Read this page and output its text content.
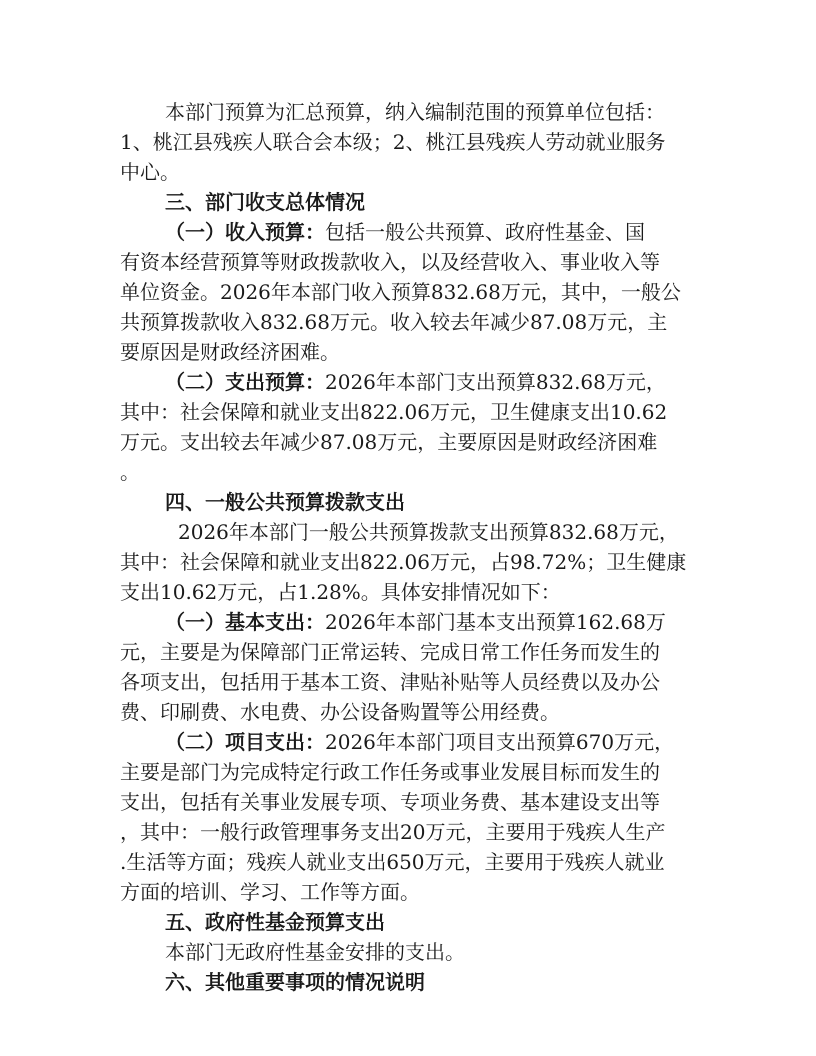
本部门预算为汇总预算，纳入编制范围的预算单位包括：
1、桃江县残疾人联合会本级；2、桃江县残疾人劳动就业服务
中心。
三、部门收支总体情况
（一）收入预算：包括一般公共预算、政府性基金、国
有资本经营预算等财政拨款收入，以及经营收入、事业收入等
单位资金。2026年本部门收入预算832.68万元，其中，一般公
共预算拨款收入832.68万元。收入较去年减少87.08万元，主
要原因是财政经济困难。
（二）支出预算：2026年本部门支出预算832.68万元，
其中：社会保障和就业支出822.06万元，卫生健康支出10.62
万元。支出较去年减少87.08万元，主要原因是财政经济困难
。
四、一般公共预算拨款支出
2026年本部门一般公共预算拨款支出预算832.68万元，
其中：社会保障和就业支出822.06万元，占98.72%；卫生健康
支出10.62万元，占1.28%。具体安排情况如下：
（一）基本支出：2026年本部门基本支出预算162.68万
元，主要是为保障部门正常运转、完成日常工作任务而发生的
各项支出，包括用于基本工资、津贴补贴等人员经费以及办公
费、印刷费、水电费、办公设备购置等公用经费。
（二）项目支出：2026年本部门项目支出预算670万元，
主要是部门为完成特定行政工作任务或事业发展目标而发生的
支出，包括有关事业发展专项、专项业务费、基本建设支出等
，其中：一般行政管理事务支出20万元，主要用于残疾人生产
.生活等方面；残疾人就业支出650万元，主要用于残疾人就业
方面的培训、学习、工作等方面。
五、政府性基金预算支出
本部门无政府性基金安排的支出。
六、其他重要事项的情况说明
